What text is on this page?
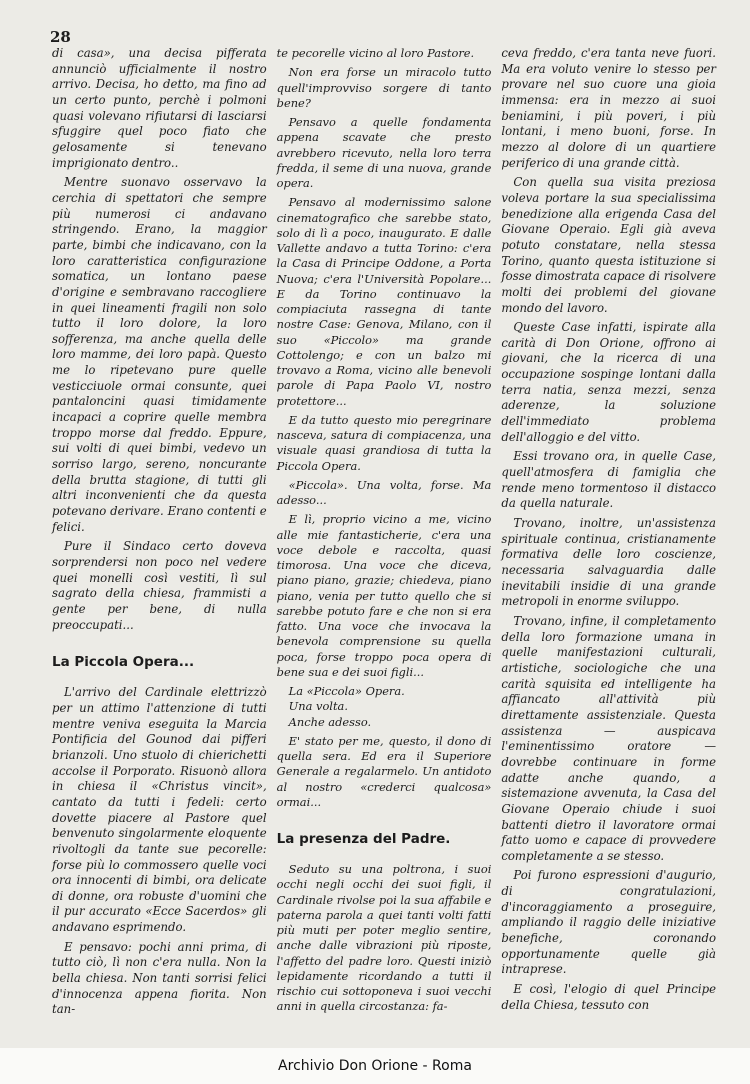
28

di casa», una decisa pifferata annunciò ufficialmente il nostro arrivo. Decisa, ho detto, ma fino ad un certo punto, perchè i polmoni quasi volevano rifiutarsi di lasciarsi sfuggire quel poco fiato che gelosamente si tenevano imprigionato dentro..

Mentre suonavo osservavo la cerchia di spettatori che sempre più numerosi ci andavano stringendo. Erano, la maggior parte, bimbi che indicavano, con la loro caratteristica configurazione somatica, un lontano paese d'origine e sembravano raccogliere in quei lineamenti fragili non solo tutto il loro dolore, la loro sofferenza, ma anche quella delle loro mamme, dei loro papà. Questo me lo ripetevano pure quelle vesticciuole ormai consunte, quei pantaloncini quasi timidamente incapaci a coprire quelle membra troppo morse dal freddo. Eppure, sui volti di quei bimbi, vedevo un sorriso largo, sereno, noncurante della brutta stagione, di tutti gli altri inconvenienti che da questa potevano derivare. Erano contenti e felici.

Pure il Sindaco certo doveva sorprendersi non poco nel vedere quei monelli così vestiti, lì sul sagrato della chiesa, frammisti a gente per bene, di nulla preoccupati...

La Piccola Opera...

L'arrivo del Cardinale elettrizzò per un attimo l'attenzione di tutti mentre veniva eseguita la Marcia Pontificia del Gounod dai pifferi brianzoli. Uno stuolo di chierichetti accolse il Porporato. Risuonò allora in chiesa il «Christus vincit», cantato da tutti i fedeli: certo dovette piacere al Pastore quel benvenuto singolarmente eloquente rivoltogli da tante sue pecorelle: forse più lo commossero quelle voci ora innocenti di bimbi, ora delicate di donne, ora robuste d'uomini che il pur accurato «Ecce Sacerdos» gli andavano esprimendo.

E pensavo: pochi anni prima, di tutto ciò, lì non c'era nulla. Non la bella chiesa. Non tanti sorrisi felici d'innocenza appena fiorita. Non tan-

te pecorelle vicino al loro Pastore.

Non era forse un miracolo tutto quell'improvviso sorgere di tanto bene?

Pensavo a quelle fondamenta appena scavate che presto avrebbero ricevuto, nella loro terra fredda, il seme di una nuova, grande opera.

Pensavo al modernissimo salone cinematografico che sarebbe stato, solo di lì a poco, inaugurato. E dalle Vallette andavo a tutta Torino: c'era la Casa di Principe Oddone, a Porta Nuova; c'era l'Università Popolare... E da Torino continuavo la compiaciuta rassegna di tante nostre Case: Genova, Milano, con il suo «Piccolo» ma grande Cottolengo; e con un balzo mi trovavo a Roma, vicino alle benevoli parole di Papa Paolo VI, nostro protettore...

E da tutto questo mio peregrinare nasceva, satura di compiacenza, una visuale quasi grandiosa di tutta la Piccola Opera.

«Piccola». Una volta, forse. Ma adesso...

E lì, proprio vicino a me, vicino alle mie fantasticherie, c'era una voce debole e raccolta, quasi timorosa. Una voce che diceva, piano piano, grazie; chiedeva, piano piano, venia per tutto quello che si sarebbe potuto fare e che non si era fatto. Una voce che invocava la benevola comprensione su quella poca, forse troppo poca opera di bene sua e dei suoi figli...

La «Piccola» Opera.

Una volta.

Anche adesso.

E' stato per me, questo, il dono di quella sera. Ed era il Superiore Generale a regalarmelo. Un antidoto al nostro «crederci qualcosa» ormai...

La presenza del Padre.

Seduto su una poltrona, i suoi occhi negli occhi dei suoi figli, il Cardinale rivolse poi la sua affabile e paterna parola a quei tanti volti fatti più muti per poter meglio sentire, anche dalle vibrazioni più riposte, l'affetto del padre loro. Questi iniziò lepidamente ricordando a tutti il rischio cui sottoponeva i suoi vecchi anni in quella circostanza: fa-

ceva freddo, c'era tanta neve fuori. Ma era voluto venire lo stesso per provare nel suo cuore una gioia immensa: era in mezzo ai suoi beniamini, i più poveri, i più lontani, i meno buoni, forse. In mezzo al dolore di un quartiere periferico di una grande città.

Con quella sua visita preziosa voleva portare la sua specialissima benedizione alla erigenda Casa del Giovane Operaio. Egli già aveva potuto constatare, nella stessa Torino, quanto questa istituzione si fosse dimostrata capace di risolvere molti dei problemi del giovane mondo del lavoro.

Queste Case infatti, ispirate alla carità di Don Orione, offrono ai giovani, che la ricerca di una occupazione sospinge lontani dalla terra natia, senza mezzi, senza aderenze, la soluzione dell'immediato problema dell'alloggio e del vitto.

Essi trovano ora, in quelle Case, quell'atmosfera di famiglia che rende meno tormentoso il distacco da quella naturale.

Trovano, inoltre, un'assistenza spirituale continua, cristianamente formativa delle loro coscienze, necessaria salvaguardia dalle inevitabili insidie di una grande metropoli in enorme sviluppo.

Trovano, infine, il completamento della loro formazione umana in quelle manifestazioni culturali, artistiche, sociologiche che una carità squisita ed intelligente ha affiancato all'attività più direttamente assistenziale. Questa assistenza — auspicava l'eminentissimo oratore — dovrebbe continuare in forme adatte anche quando, a sistemazione avvenuta, la Casa del Giovane Operaio chiude i suoi battenti dietro il lavoratore ormai fatto uomo e capace di provvedere completamente a se stesso.

Poi furono espressioni d'augurio, di congratulazioni, d'incoraggiamento a proseguire, ampliando il raggio delle iniziative benefiche, coronando opportunamente quelle già intraprese.

E così, l'elogio di quel Principe della Chiesa, tessuto con

Archivio Don Orione - Roma
